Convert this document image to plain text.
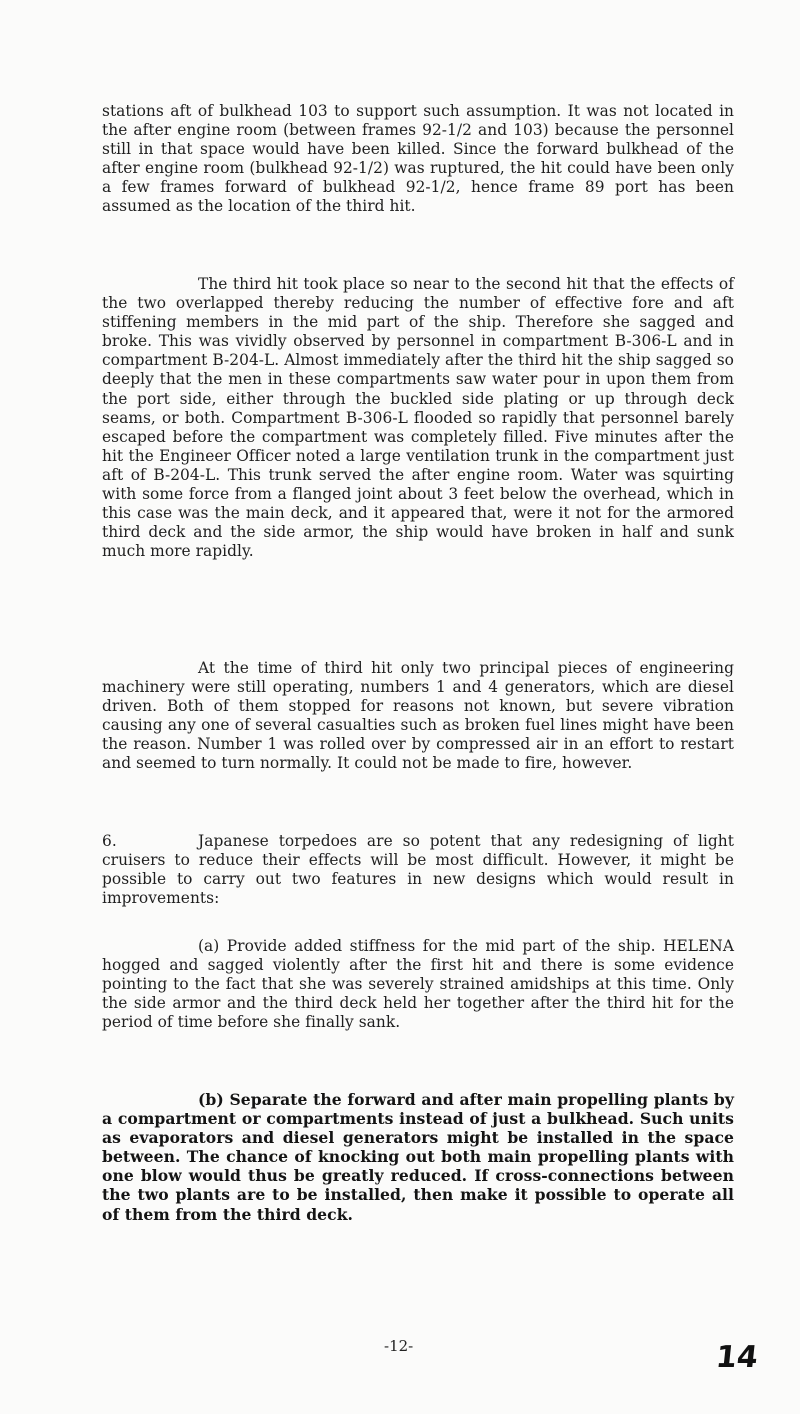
stations aft of bulkhead 103 to support such assumption. It was not located in the after engine room (between frames 92-1/2 and 103) because the personnel still in that space would have been killed. Since the forward bulkhead of the after engine room (bulkhead 92-1/2) was ruptured, the hit could have been only a few frames forward of bulkhead 92-1/2, hence frame 89 port has been assumed as the location of the third hit.

The third hit took place so near to the second hit that the effects of the two overlapped thereby reducing the number of effective fore and aft stiffening members in the mid part of the ship. Therefore she sagged and broke. This was vividly observed by personnel in compartment B-306-L and in compartment B-204-L. Almost immediately after the third hit the ship sagged so deeply that the men in these compartments saw water pour in upon them from the port side, either through the buckled side plating or up through deck seams, or both. Compartment B-306-L flooded so rapidly that personnel barely escaped before the compartment was completely filled. Five minutes after the hit the Engineer Officer noted a large ventilation trunk in the compartment just aft of B-204-L. This trunk served the after engine room. Water was squirting with some force from a flanged joint about 3 feet below the overhead, which in this case was the main deck, and it appeared that, were it not for the armored third deck and the side armor, the ship would have broken in half and sunk much more rapidly.

At the time of third hit only two principal pieces of engineering machinery were still operating, numbers 1 and 4 generators, which are diesel driven. Both of them stopped for reasons not known, but severe vibration causing any one of several casualties such as broken fuel lines might have been the reason. Number 1 was rolled over by compressed air in an effort to restart and seemed to turn normally. It could not be made to fire, however.

6.	Japanese torpedoes are so potent that any redesigning of light cruisers to reduce their effects will be most difficult. However, it might be possible to carry out two features in new designs which would result in improvements:

(a) Provide added stiffness for the mid part of the ship. HELENA hogged and sagged violently after the first hit and there is some evidence pointing to the fact that she was severely strained amidships at this time. Only the side armor and the third deck held her together after the third hit for the period of time before she finally sank.

(b) Separate the forward and after main propelling plants by a compartment or compartments instead of just a bulkhead. Such units as evaporators and diesel generators might be installed in the space between. The chance of knocking out both main propelling plants with one blow would thus be greatly reduced. If cross-connections between the two plants are to be installed, then make it possible to operate all of them from the third deck.

-12-	14
